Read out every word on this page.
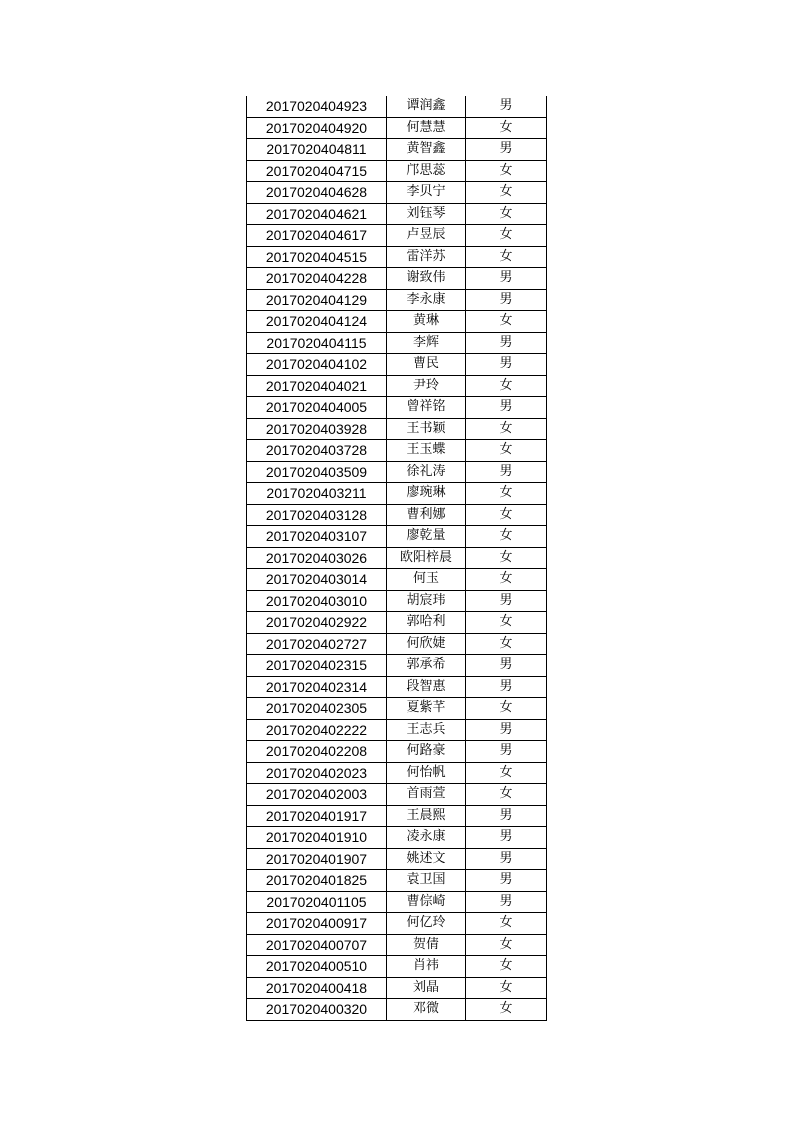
2017020404923	谭润鑫	男
2017020404920	何慧慧	女
2017020404811	黄智鑫	男
2017020404715	邝思蕊	女
2017020404628	李贝宁	女
2017020404621	刘钰琴	女
2017020404617	卢昱辰	女
2017020404515	雷洋苏	女
2017020404228	谢致伟	男
2017020404129	李永康	男
2017020404124	黄琳	女
2017020404115	李辉	男
2017020404102	曹民	男
2017020404021	尹玲	女
2017020404005	曾祥铭	男
2017020403928	王书颖	女
2017020403728	王玉蝶	女
2017020403509	徐礼涛	男
2017020403211	廖琬琳	女
2017020403128	曹利娜	女
2017020403107	廖乾量	女
2017020403026	欧阳梓晨	女
2017020403014	何玉	女
2017020403010	胡宸玮	男
2017020402922	郭哈利	女
2017020402727	何欣婕	女
2017020402315	郭承希	男
2017020402314	段智惠	男
2017020402305	夏紫芊	女
2017020402222	王志兵	男
2017020402208	何路豪	男
2017020402023	何怡帆	女
2017020402003	首雨萱	女
2017020401917	王晨熙	男
2017020401910	凌永康	男
2017020401907	姚述文	男
2017020401825	袁卫国	男
2017020401105	曹倧崎	男
2017020400917	何亿玲	女
2017020400707	贺倩	女
2017020400510	肖祎	女
2017020400418	刘晶	女
2017020400320	邓微	女
